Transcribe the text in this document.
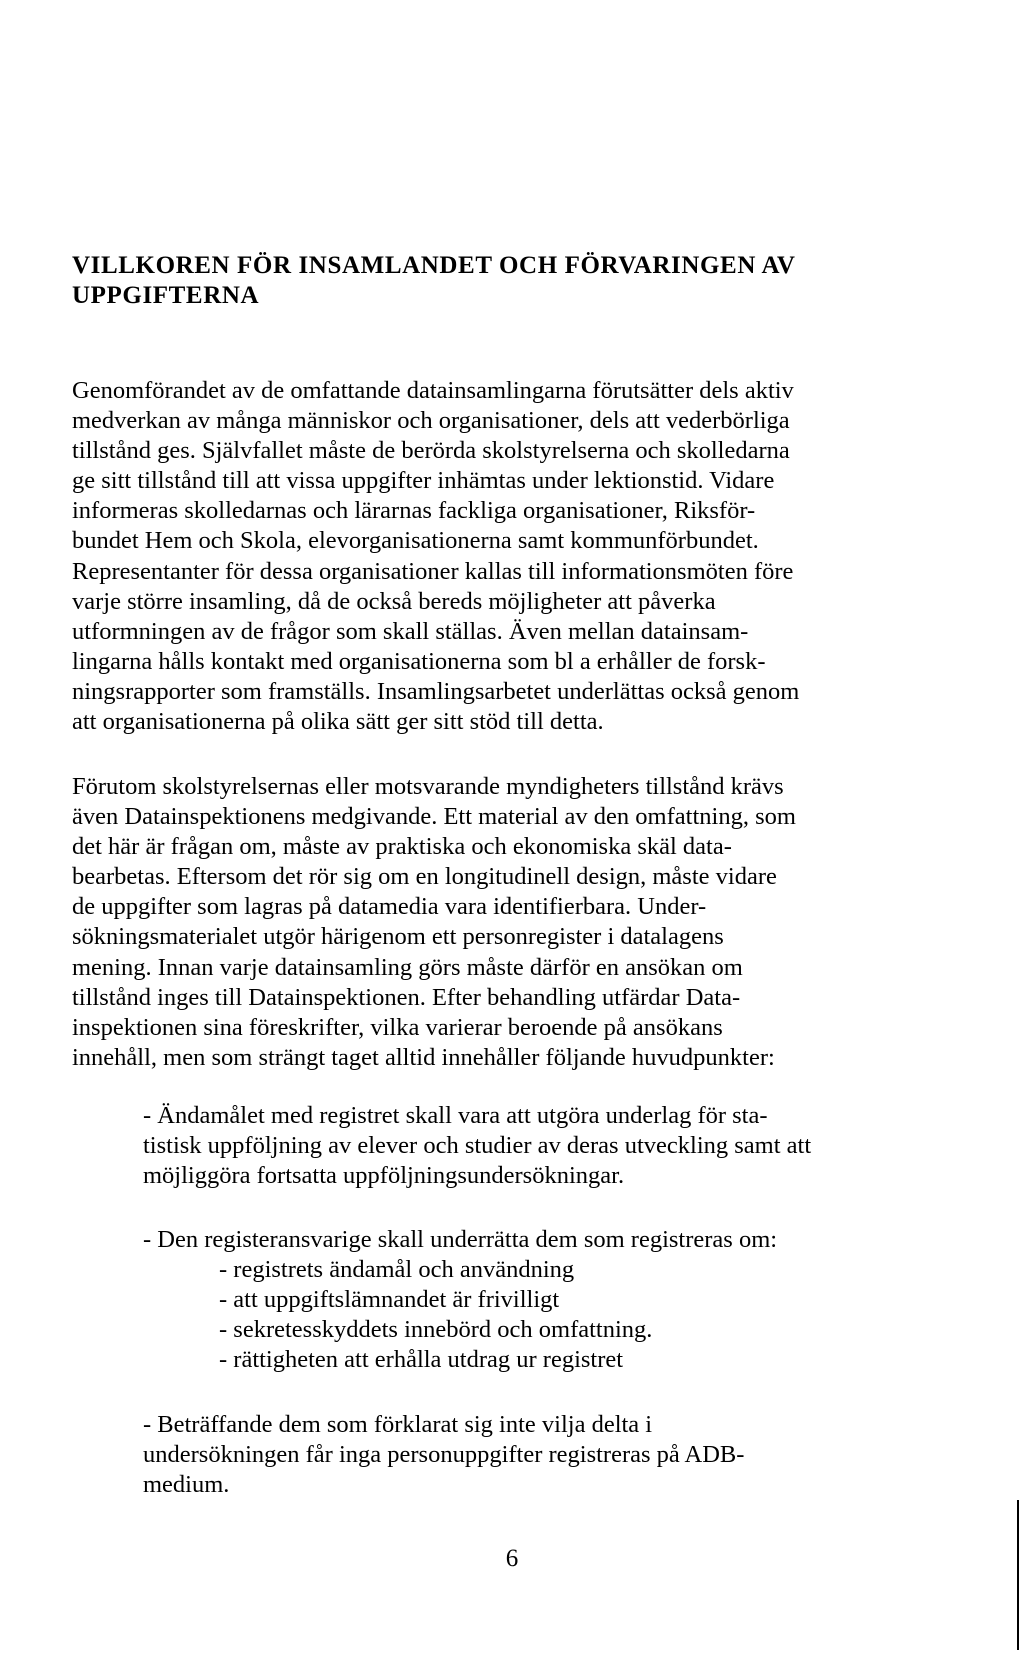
VILLKOREN FÖR INSAMLANDET OCH FÖRVARINGEN AV
UPPGIFTERNA
Genomförandet av de omfattande datainsamlingarna förutsätter dels aktiv
medverkan av många människor och organisationer, dels att vederbörliga
tillstånd ges. Självfallet måste de berörda skolstyrelserna och skolledarna
ge sitt tillstånd till att vissa uppgifter inhämtas under lektionstid. Vidare
informeras skolledarnas och lärarnas fackliga organisationer, Riksför-
bundet Hem och Skola, elevorganisationerna samt kommunförbundet.
Representanter för dessa organisationer kallas till informationsmöten före
varje större insamling, då de också bereds möjligheter att påverka
utformningen av de frågor som skall ställas. Även mellan datainsam-
lingarna hålls kontakt med organisationerna som bl a erhåller de forsk-
ningsrapporter som framställs. Insamlingsarbetet underlättas också genom
att organisationerna på olika sätt ger sitt stöd till detta.
Förutom skolstyrelsernas eller motsvarande myndigheters tillstånd krävs
även Datainspektionens medgivande. Ett material av den omfattning, som
det här är frågan om, måste av praktiska och ekonomiska skäl data-
bearbetas. Eftersom det rör sig om en longitudinell design, måste vidare
de uppgifter som lagras på datamedia vara identifierbara. Under-
sökningsmaterialet utgör härigenom ett personregister i datalagens
mening. Innan varje datainsamling görs måste därför en ansökan om
tillstånd inges till Datainspektionen. Efter behandling utfärdar Data-
inspektionen sina föreskrifter, vilka varierar beroende på ansökans
innehåll, men som strängt taget alltid innehåller följande huvudpunkter:
- Ändamålet med registret skall vara att utgöra underlag för sta-
tistisk uppföljning av elever och studier av deras utveckling samt att
möjliggöra fortsatta uppföljningsundersökningar.
- Den registeransvarige skall underrätta dem som registreras om:
- registrets ändamål och användning
- att uppgiftslämnandet är frivilligt
- sekretesskyddets innebörd och omfattning.
- rättigheten att erhålla utdrag ur registret
- Beträffande dem som förklarat sig inte vilja delta i
undersökningen får inga personuppgifter registreras på ADB-
medium.
6
